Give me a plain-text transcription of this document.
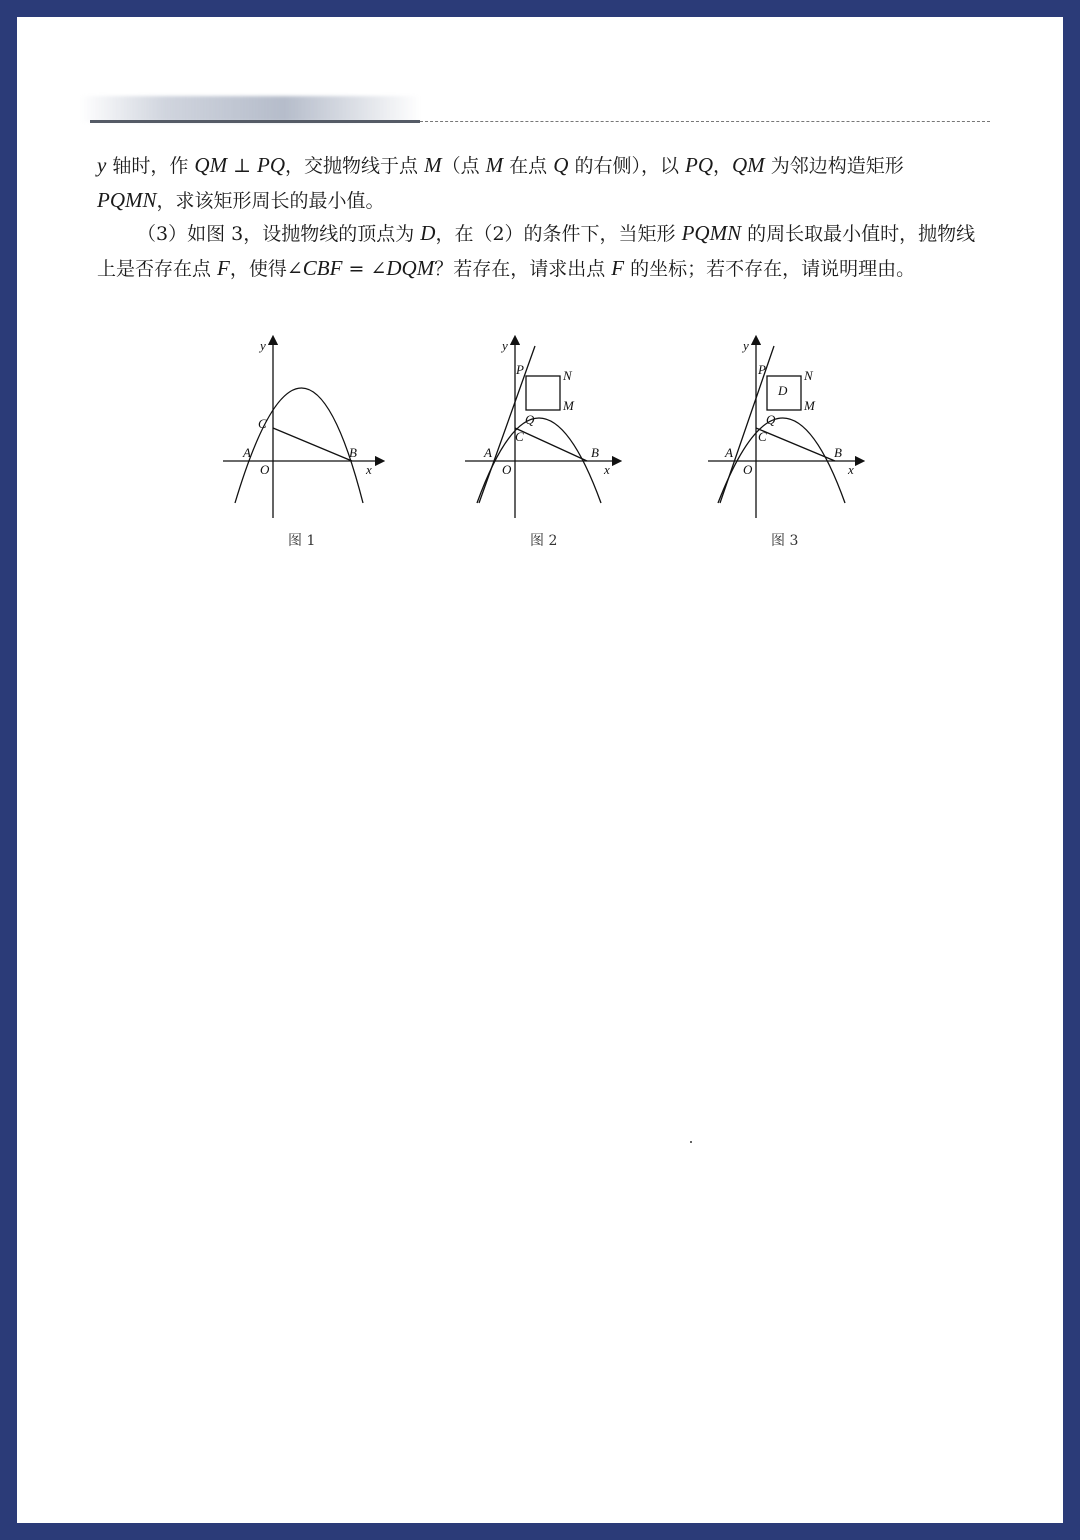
y 轴时，作 QM ⊥ PQ，交抛物线于点 M（点 M 在点 Q 的右侧），以 PQ，QM 为邻边构造矩形
PQMN，求该矩形周长的最小值。
（3）如图 3，设抛物线的顶点为 D，在（2）的条件下，当矩形 PQMN 的周长取最小值时，抛物线上是否存在点 F，使得∠CBF = ∠DQM？若存在，请求出点 F 的坐标；若不存在，请说明理由。
y
x
O
A	B
C
图 1
y
x
O
A	B
C
P
Q
M
N
图 2
y
x
O
A	B
C
P
Q
M
N
D
图 3
